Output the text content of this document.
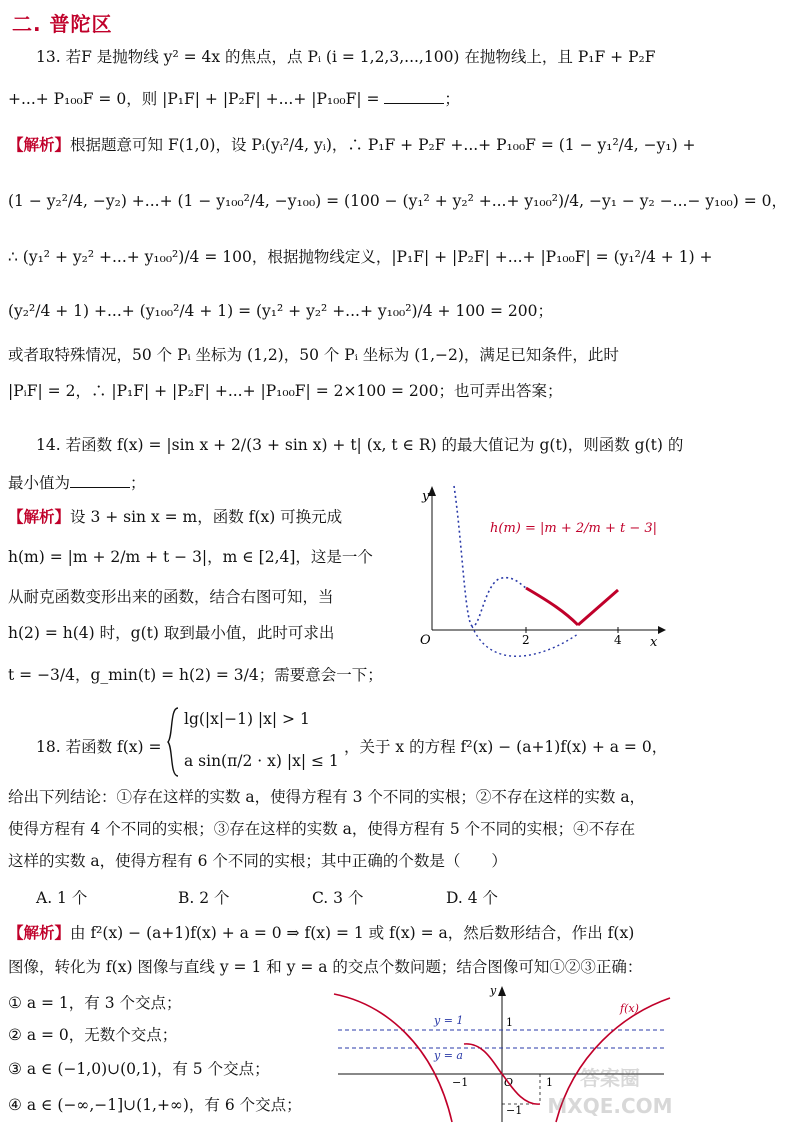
二. 普陀区
13. 若F 是抛物线 y² = 4x 的焦点，点 Pᵢ (i = 1,2,3,...,100) 在抛物线上，且 P₁F + P₂F
+...+ P₁₀₀F = 0，则 |P₁F| + |P₂F| +...+ |P₁₀₀F| =	；
【解析】根据题意可知 F(1,0)，设 Pᵢ(yᵢ²/4, yᵢ)，∴ P₁F + P₂F +...+ P₁₀₀F = (1 − y₁²/4, −y₁) +
(1 − y₂²/4, −y₂) +...+ (1 − y₁₀₀²/4, −y₁₀₀) = (100 − (y₁² + y₂² +...+ y₁₀₀²)/4, −y₁ − y₂ −...− y₁₀₀) = 0，
∴ (y₁² + y₂² +...+ y₁₀₀²)/4 = 100，根据抛物线定义，|P₁F| + |P₂F| +...+ |P₁₀₀F| = (y₁²/4 + 1) +
(y₂²/4 + 1) +...+ (y₁₀₀²/4 + 1) = (y₁² + y₂² +...+ y₁₀₀²)/4 + 100 = 200；
或者取特殊情况，50 个 Pᵢ 坐标为 (1,2)，50 个 Pᵢ 坐标为 (1,−2)，满足已知条件，此时
|PᵢF| = 2，∴ |P₁F| + |P₂F| +...+ |P₁₀₀F| = 2×100 = 200；也可弄出答案；
14. 若函数 f(x) = |sin x + 2/(3 + sin x) + t| (x, t ∈ R) 的最大值记为 g(t)，则函数 g(t) 的
最小值为	；
【解析】设 3 + sin x = m，函数 f(x) 可换元成
h(m) = |m + 2/m + t − 3|，m ∈ [2,4]，这是一个
从耐克函数变形出来的函数，结合右图可知，当
h(2) = h(4) 时，g(t) 取到最小值，此时可求出
t = −3/4，g_min(t) = h(2) = 3/4；需要意会一下；
y
x
O	2	4
h(m) = |m + 2/m + t − 3|
18. 若函数 f(x) =
lg(|x|−1) |x| > 1
a sin(π/2 · x) |x| ≤ 1
，关于 x 的方程 f²(x) − (a+1)f(x) + a = 0，
给出下列结论：①存在这样的实数 a，使得方程有 3 个不同的实根；②不存在这样的实数 a，
使得方程有 4 个不同的实根；③存在这样的实数 a，使得方程有 5 个不同的实根；④不存在
这样的实数 a，使得方程有 6 个不同的实根；其中正确的个数是（　　）
A. 1 个	B. 2 个	C. 3 个	D. 4 个
【解析】由 f²(x) − (a+1)f(x) + a = 0 ⇒ f(x) = 1 或 f(x) = a，然后数形结合，作出 f(x)
图像，转化为 f(x) 图像与直线 y = 1 和 y = a 的交点个数问题；结合图像可知①②③正确：
① a = 1，有 3 个交点；
② a = 0，无数个交点；
③ a ∈ (−1,0)∪(0,1)，有 5 个交点；
④ a ∈ (−∞,−1]∪(1,+∞)，有 6 个交点；
y
y = 1
y = a
1
−1	O	1
−1
f(x)
答案圈 MXQE.COM
